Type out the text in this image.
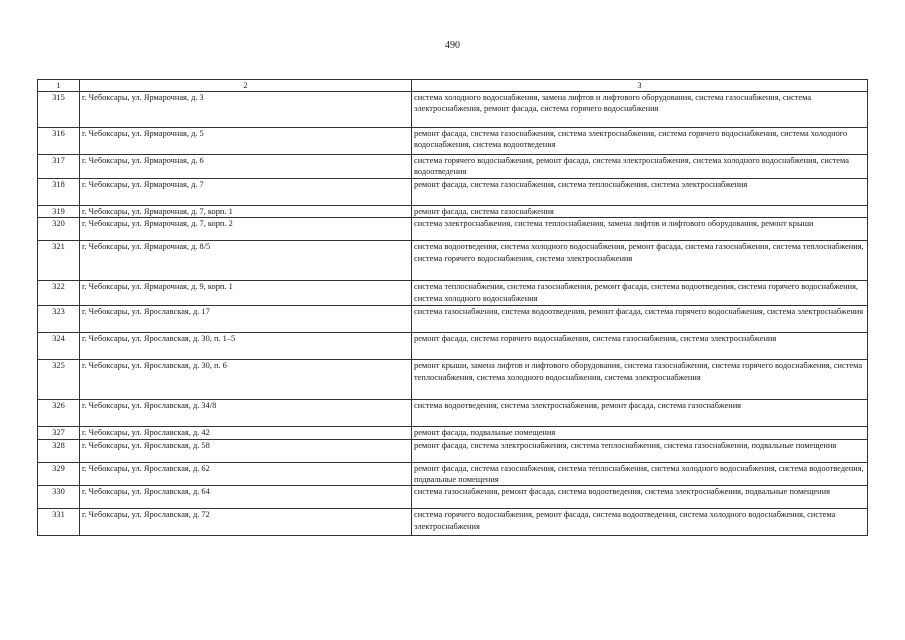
490
1	2	3
315	г. Чебоксары, ул. Ярмарочная, д. 3	система холодного водоснабжения, замена лифтов и лифтового оборудования, система газоснабжения, система электроснабжения, ремонт фасада, система горячего водоснабжения
316	г. Чебоксары, ул. Ярмарочная, д. 5	ремонт фасада, система газоснабжения, система электроснабжения, система горячего водоснабжения, система холодного водоснабжения, система водоотведения
317	г. Чебоксары, ул. Ярмарочная, д. 6	система горячего водоснабжения, ремонт фасада, система электроснабжения, система холодного водоснабжения, система водоотведения
318	г. Чебоксары, ул. Ярмарочная, д. 7	ремонт фасада, система газоснабжения, система теплоснабжения, система электроснабжения
319	г. Чебоксары, ул. Ярмарочная, д. 7, корп. 1	ремонт фасада, система газоснабжения
320	г. Чебоксары, ул. Ярмарочная, д. 7, корп. 2	система электроснабжения, система теплоснабжения, замена лифтов и лифтового оборудования, ремонт крыши
321	г. Чебоксары, ул. Ярмарочная, д. 8/5	система водоотведения, система холодного водоснабжения, ремонт фасада, система газоснабжения, система теплоснабжения, система горячего водоснабжения, система электроснабжения
322	г. Чебоксары, ул. Ярмарочная, д. 9, корп. 1	система теплоснабжения, система газоснабжения, ремонт фасада, система водоотведения, система горячего водоснабжения, система холодного водоснабжения
323	г. Чебоксары, ул. Ярославская, д. 17	система газоснабжения, система водоотведения, ремонт фасада, система горячего водоснабжения, система электроснабжения
324	г. Чебоксары, ул. Ярославская, д. 30, п. 1–5	ремонт фасада, система горячего водоснабжения, система газоснабжения, система электроснабжения
325	г. Чебоксары, ул. Ярославская, д. 30, п. 6	ремонт крыши, замена лифтов и лифтового оборудования, система газоснабжения, система горячего водоснабжения, система теплоснабжения, система холодного водоснабжения, система электроснабжения
326	г. Чебоксары, ул. Ярославская, д. 34/8	система водоотведения, система электроснабжения, ремонт фасада, система газоснабжения
327	г. Чебоксары, ул. Ярославская, д. 42	ремонт фасада, подвальные помещения
328	г. Чебоксары, ул. Ярославская, д. 58	ремонт фасада, система электроснабжения, система теплоснабжения, система газоснабжения, подвальные помещения
329	г. Чебоксары, ул. Ярославская, д. 62	ремонт фасада, система газоснабжения, система теплоснабжения, система холодного водоснабжения, система водоотведения, подвальные помещения
330	г. Чебоксары, ул. Ярославская, д. 64	система газоснабжения, ремонт фасада, система водоотведения, система электроснабжения, подвальные помещения
331	г. Чебоксары, ул. Ярославская, д. 72	система горячего водоснабжения, ремонт фасада, система водоотведения, система холодного водоснабжения, система электроснабжения
